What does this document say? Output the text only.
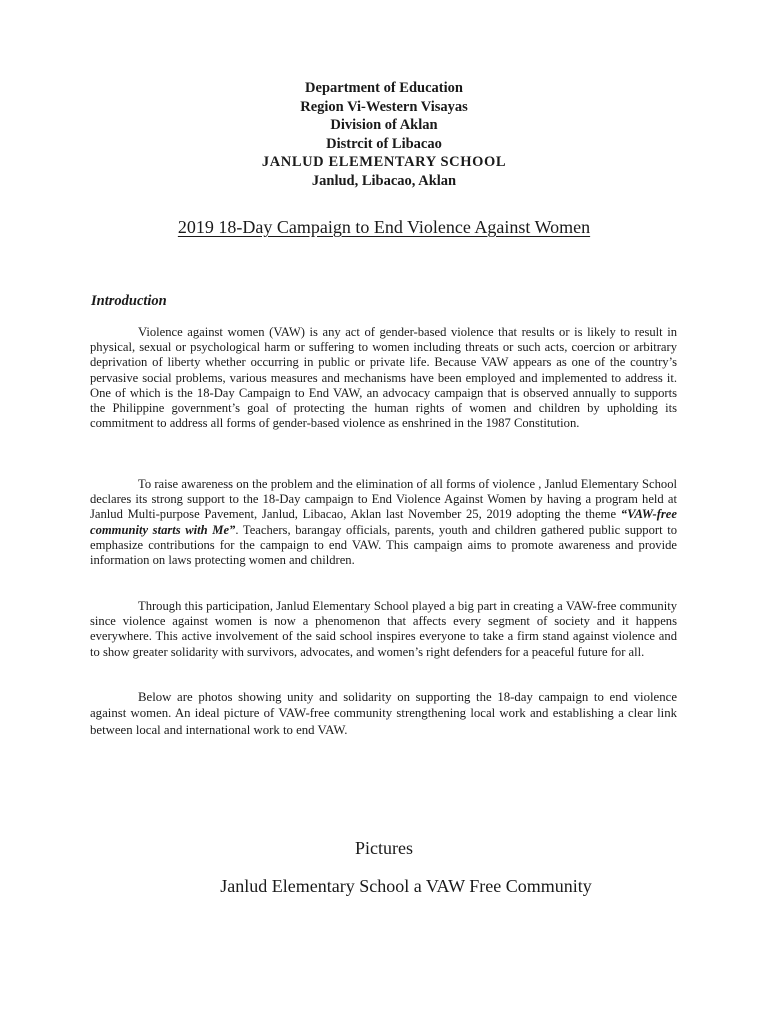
Department of Education
Region Vi-Western Visayas
Division of Aklan
Distrcit of Libacao
JANLUD ELEMENTARY SCHOOL
Janlud, Libacao, Aklan
2019 18-Day Campaign to End Violence Against Women
Introduction

Violence against women (VAW) is any act of gender-based violence that results or is likely to result in physical, sexual or psychological harm or suffering to women including threats or such acts, coercion or arbitrary deprivation of liberty whether occurring in public or private life. Because VAW appears as one of the country’s pervasive social problems, various measures and mechanisms have been employed and implemented to address it. One of which is the 18-Day Campaign to End VAW, an advocacy campaign that is observed annually to supports the Philippine government’s goal of protecting the human rights of women and children by upholding its commitment to address all forms of gender-based violence as enshrined in the 1987 Constitution.

To raise awareness on the problem and the elimination of all forms of violence , Janlud Elementary School declares its strong support to the 18-Day campaign to End Violence Against Women by having a program held at Janlud Multi-purpose Pavement, Janlud, Libacao, Aklan last November 25, 2019 adopting the theme “VAW-free community starts with Me”. Teachers, barangay officials, parents, youth and children gathered public support to emphasize contributions for the campaign to end VAW. This campaign aims to promote awareness and provide information on laws protecting women and children.

Through this participation, Janlud Elementary School played a big part in creating a VAW-free community since violence against women is now a phenomenon that affects every segment of society and it happens everywhere. This active involvement of the said school inspires everyone to take a firm stand against violence and to show greater solidarity with survivors, advocates, and women’s right defenders for a peaceful future for all.

Below are photos showing unity and solidarity on supporting the 18-day campaign to end violence against women. An ideal picture of VAW-free community strengthening local work and establishing a clear link between local and international work to end VAW.

Pictures
Janlud Elementary School a VAW Free Community
